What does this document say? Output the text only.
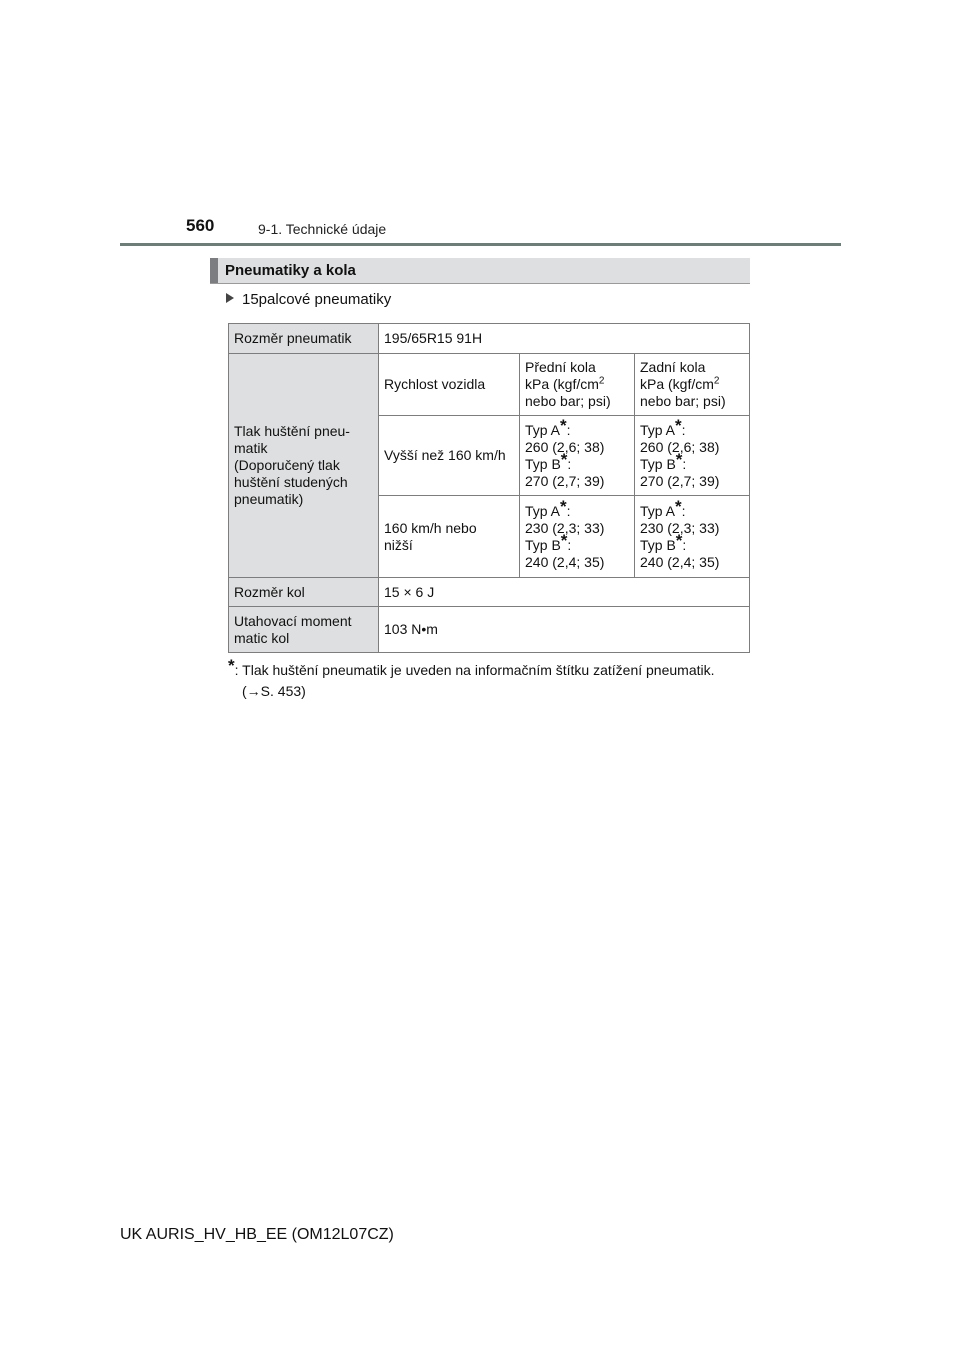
560	9-1. Technické údaje
Pneumatiky a kola
15palcové pneumatiky
Rozměr pneumatik	195/65R15 91H		
Tlak huštění pneu-
matik
(Doporučený tlak
huštění studených
pneumatik)	Rychlost vozidla	Přední kola
kPa ($kgf/cm^2$
nebo bar; psi)	Zadní kola
kPa ($kgf/cm^2$
nebo bar; psi)
	Vyšší než 160 km/h	Typ A*:
260 (2,6; 38)
Typ B*:
270 (2,7; 39)	Typ A*:
260 (2,6; 38)
Typ B*:
270 (2,7; 39)
	160 km/h nebo
nižší	Typ A*:
230 (2,3; 33)
Typ B*:
240 (2,4; 35)	Typ A*:
230 (2,3; 33)
Typ B*:
240 (2,4; 35)
Rozměr kol	15 × 6 J		
Utahovací moment
matic kol	103 N•m		
*: Tlak huštění pneumatik je uveden na informačním štítku zatížení pneumatik.
(→S. 453)
UK AURIS_HV_HB_EE (OM12L07CZ)
